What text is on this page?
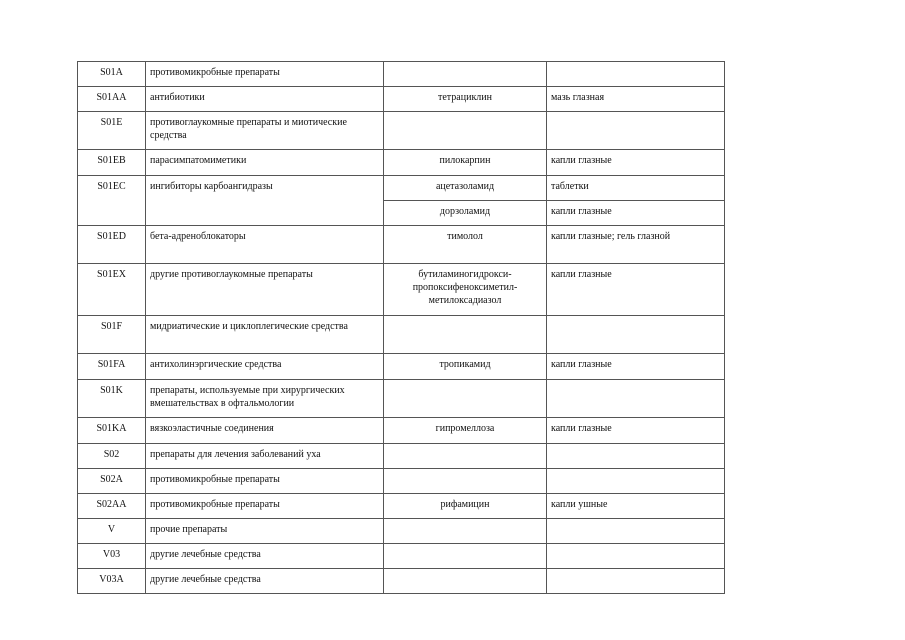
S01A	противомикробные препараты		
S01AA	антибиотики	тетрациклин	мазь глазная
S01E	противоглаукомные препараты и миотические средства		
S01EB	парасимпатомиметики	пилокарпин	капли глазные
S01EC	ингибиторы карбоангидразы	ацетазоламид	таблетки
		дорзоламид	капли глазные
S01ED	бета-адреноблокаторы	тимолол	капли глазные; гель глазной
S01EX	другие противоглаукомные препараты	бутиламиногидрокси-пропоксифеноксиметил-метилоксадиазол	капли глазные
S01F	мидриатические и циклоплегические средства		
S01FA	антихолинэргические средства	тропикамид	капли глазные
S01K	препараты, используемые при хирургических вмешательствах в офтальмологии		
S01KA	вязкоэластичные соединения	гипромеллоза	капли глазные
S02	препараты для лечения заболеваний уха		
S02A	противомикробные препараты		
S02AA	противомикробные препараты	рифамицин	капли ушные
V	прочие препараты		
V03	другие лечебные средства		
V03A	другие лечебные средства		
